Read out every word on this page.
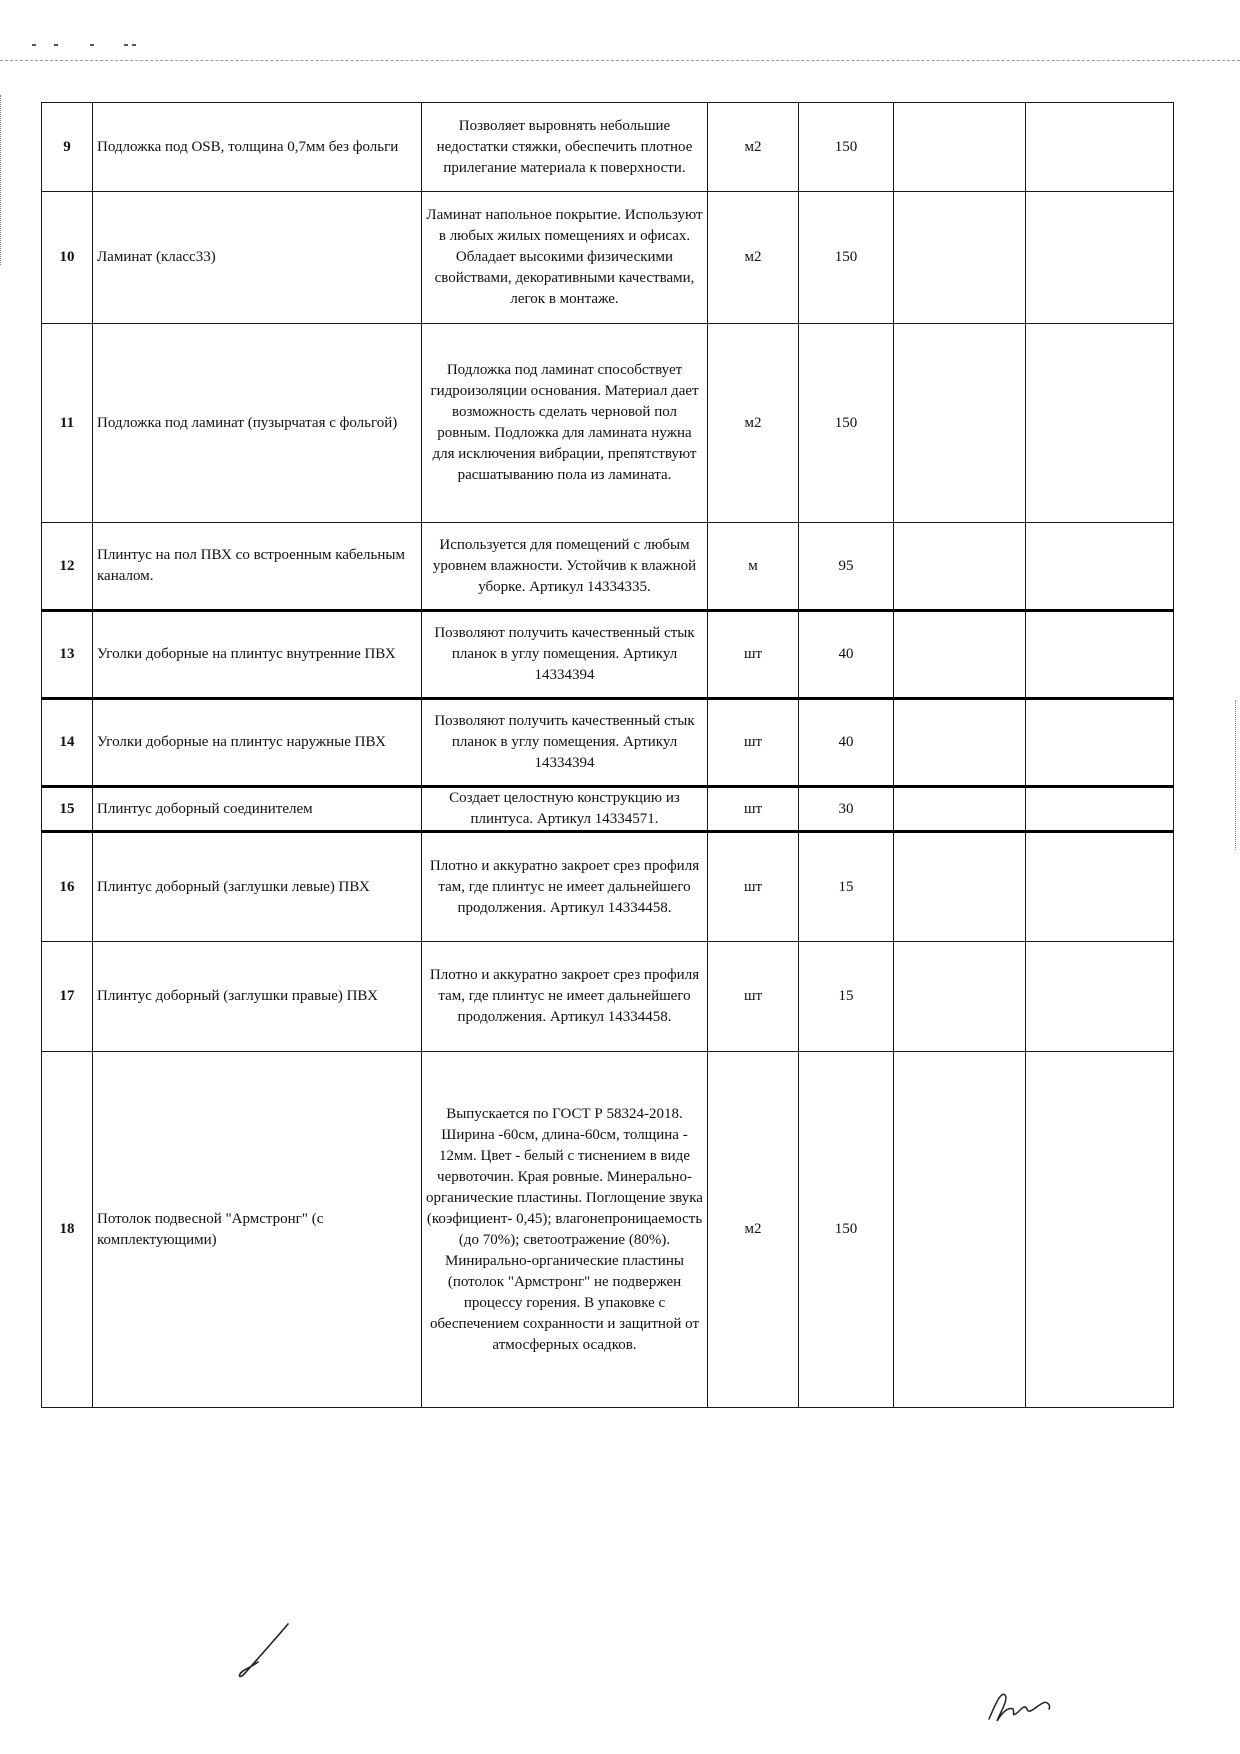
9	Подложка под OSB, толщина 0,7мм без фольги	Позволяет выровнять небольшие недостатки стяжки, обеспечить плотное прилегание материала к поверхности.	м2	150		
10	Ламинат (класс33)	Ламинат напольное покрытие. Используют в любых жилых помещениях и офисах. Обладает высокими физическими свойствами, декоративными качествами, легок в монтаже.	м2	150		
11	Подложка под ламинат (пузырчатая с фольгой)	Подложка под ламинат способствует гидроизоляции основания. Материал дает возможность сделать черновой пол ровным. Подложка для ламината нужна для исключения вибрации, препятствуют расшатыванию пола из ламината.	м2	150		
12	Плинтус на пол ПВХ со встроенным кабельным каналом.	Используется для помещений с любым уровнем влажности. Устойчив к влажной уборке. Артикул 14334335.	м	95		
13	Уголки доборные на плинтус внутренние ПВХ	Позволяют получить качественный стык планок в углу помещения. Артикул 14334394	шт	40		
14	Уголки доборные на плинтус наружные ПВХ	Позволяют получить качественный стык планок в углу помещения. Артикул 14334394	шт	40		
15	Плинтус доборный соединителем	Создает целостную конструкцию из плинтуса. Артикул 14334571.	шт	30		
16	Плинтус доборный (заглушки левые) ПВХ	Плотно и аккуратно закроет срез профиля там, где плинтус не имеет дальнейшего продолжения. Артикул 14334458.	шт	15		
17	Плинтус доборный (заглушки правые) ПВХ	Плотно и аккуратно закроет срез профиля там, где плинтус не имеет дальнейшего продолжения. Артикул 14334458.	шт	15		
18	Потолок подвесной "Армстронг" (с комплектующими)	Выпускается по ГОСТ Р 58324-2018. Ширина -60см, длина-60см, толщина - 12мм. Цвет - белый с тиснением в виде червоточин. Края ровные. Минерально-органические пластины. Поглощение звука (коэфициент- 0,45); влагонепроницаемость (до 70%); светоотражение (80%). Минирально-органические пластины (потолок "Армстронг" не подвержен процессу горения. В упаковке с обеспечением сохранности и защитной от атмосферных осадков.	м2	150		
